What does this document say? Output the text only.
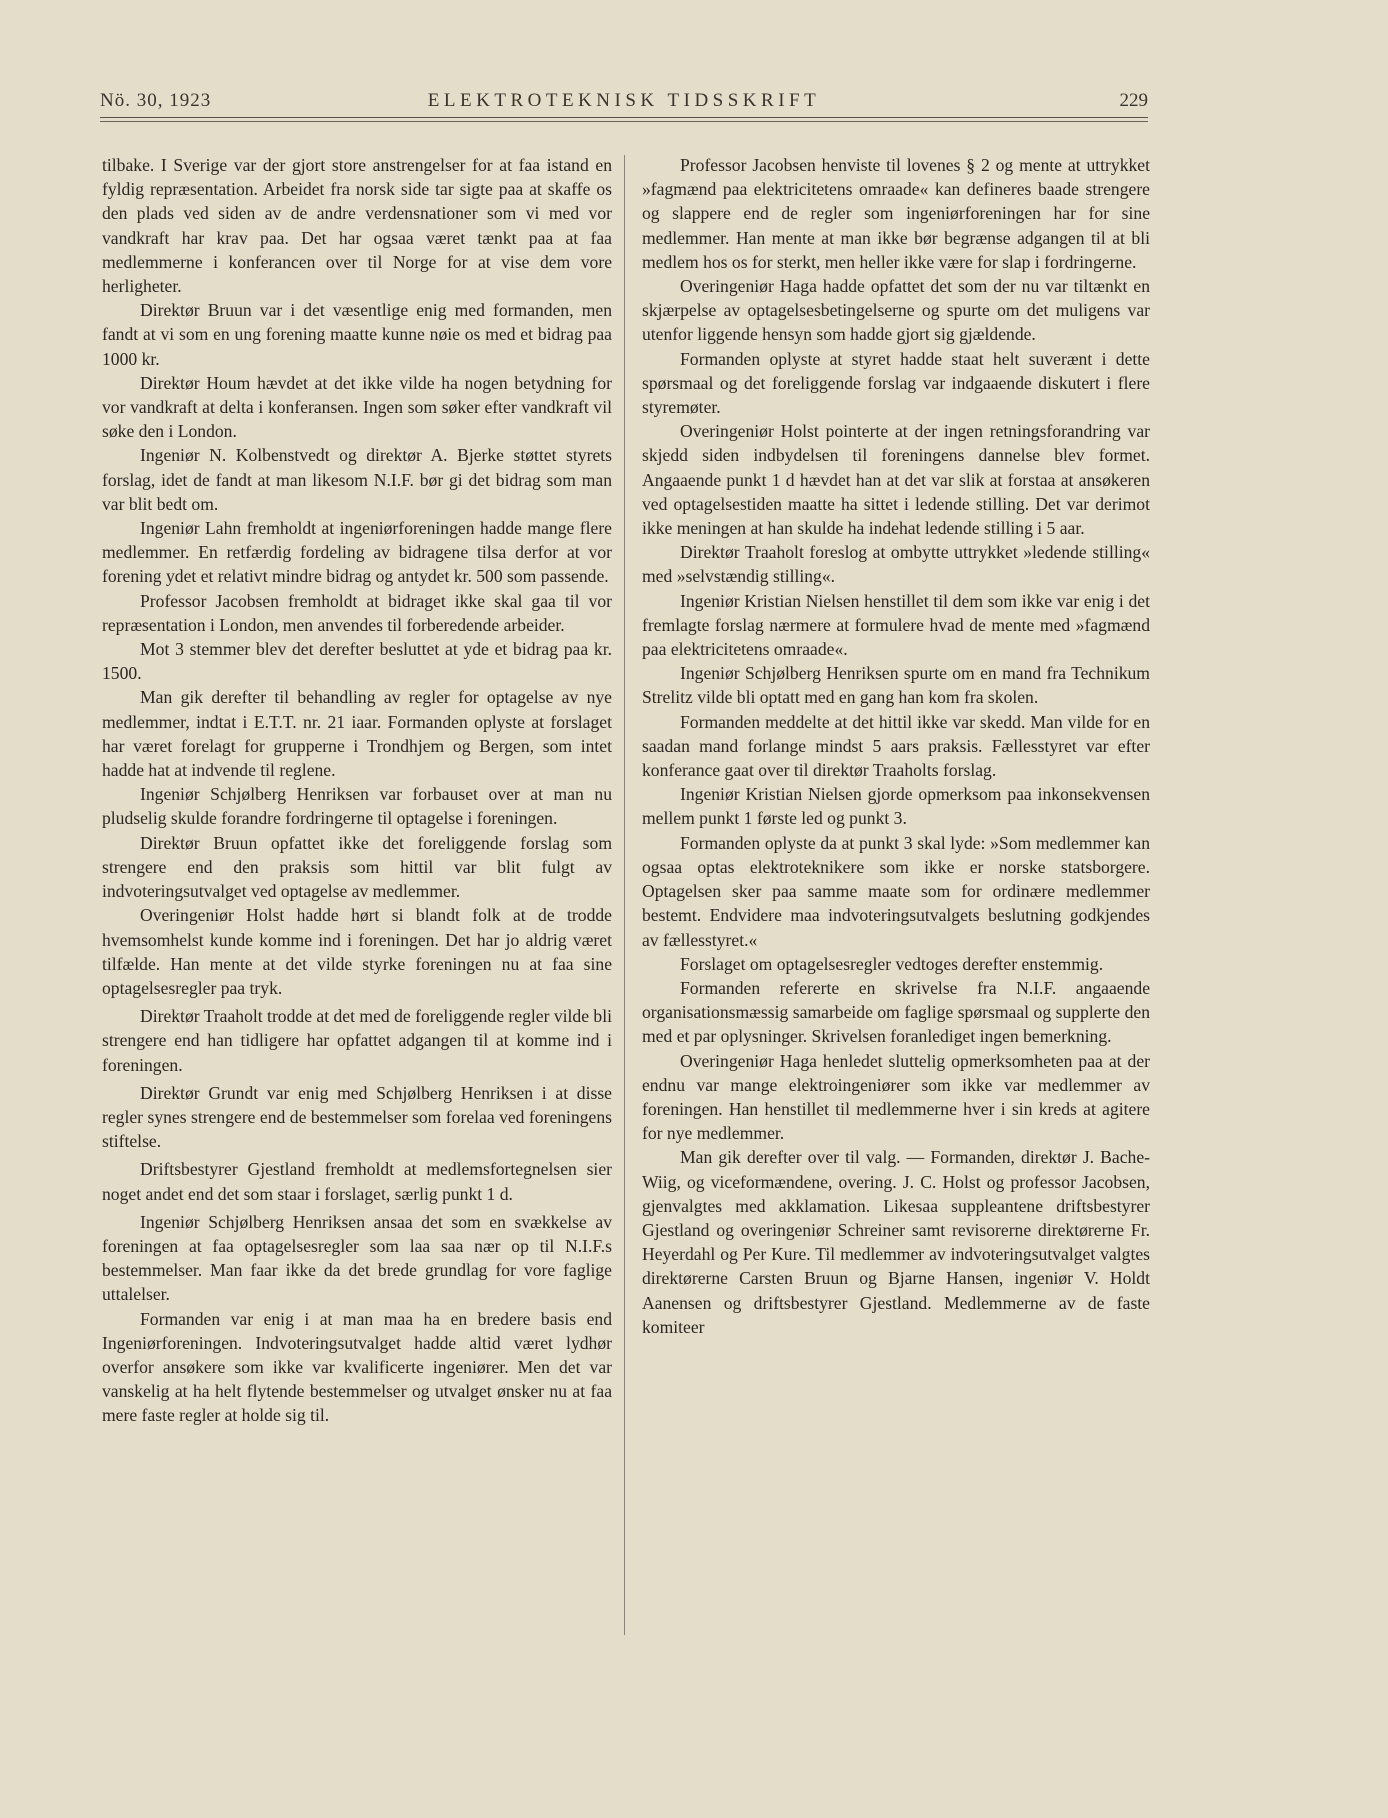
Nö. 30, 1923	ELEKTROTEKNISK TIDSSKRIFT	229

tilbake. I Sverige var der gjort store anstrengelser for at faa istand en fyldig repræsentation. Arbeidet fra norsk side tar sigte paa at skaffe os den plads ved siden av de andre verdensnationer som vi med vor vandkraft har krav paa. Det har ogsaa været tænkt paa at faa medlemmerne i konferancen over til Norge for at vise dem vore herligheter.

Direktør Bruun var i det væsentlige enig med formanden, men fandt at vi som en ung forening maatte kunne nøie os med et bidrag paa 1000 kr.

Direktør Houm hævdet at det ikke vilde ha nogen betydning for vor vandkraft at delta i konferansen. Ingen som søker efter vandkraft vil søke den i London.

Ingeniør N. Kolbenstvedt og direktør A. Bjerke støttet styrets forslag, idet de fandt at man likesom N.I.F. bør gi det bidrag som man var blit bedt om.

Ingeniør Lahn fremholdt at ingeniørforeningen hadde mange flere medlemmer. En retfærdig fordeling av bidragene tilsa derfor at vor forening ydet et relativt mindre bidrag og antydet kr. 500 som passende.

Professor Jacobsen fremholdt at bidraget ikke skal gaa til vor repræsentation i London, men anvendes til forberedende arbeider.

Mot 3 stemmer blev det derefter besluttet at yde et bidrag paa kr. 1500.

Man gik derefter til behandling av regler for optagelse av nye medlemmer, indtat i E.T.T. nr. 21 iaar. Formanden oplyste at forslaget har været forelagt for grupperne i Trondhjem og Bergen, som intet hadde hat at indvende til reglene.

Ingeniør Schjølberg Henriksen var forbauset over at man nu pludselig skulde forandre fordringerne til optagelse i foreningen.

Direktør Bruun opfattet ikke det foreliggende forslag som strengere end den praksis som hittil var blit fulgt av indvoteringsutvalget ved optagelse av medlemmer.

Overingeniør Holst hadde hørt si blandt folk at de trodde hvemsomhelst kunde komme ind i foreningen. Det har jo aldrig været tilfælde. Han mente at det vilde styrke foreningen nu at faa sine optagelsesregler paa tryk.

Direktør Traaholt trodde at det med de foreliggende regler vilde bli strengere end han tidligere har opfattet adgangen til at komme ind i foreningen.

Direktør Grundt var enig med Schjølberg Henriksen i at disse regler synes strengere end de bestemmelser som forelaa ved foreningens stiftelse.

Driftsbestyrer Gjestland fremholdt at medlemsfortegnelsen sier noget andet end det som staar i forslaget, særlig punkt 1 d.

Ingeniør Schjølberg Henriksen ansaa det som en svækkelse av foreningen at faa optagelsesregler som laa saa nær op til N.I.F.s bestemmelser. Man faar ikke da det brede grundlag for vore faglige uttalelser.

Formanden var enig i at man maa ha en bredere basis end Ingeniørforeningen. Indvoteringsutvalget hadde altid været lydhør overfor ansøkere som ikke var kvalificerte ingeniører. Men det var vanskelig at ha helt flytende bestemmelser og utvalget ønsker nu at faa mere faste regler at holde sig til.

Professor Jacobsen henviste til lovenes § 2 og mente at uttrykket »fagmænd paa elektricitetens omraade« kan defineres baade strengere og slappere end de regler som ingeniørforeningen har for sine medlemmer. Han mente at man ikke bør begrænse adgangen til at bli medlem hos os for sterkt, men heller ikke være for slap i fordringerne.

Overingeniør Haga hadde opfattet det som der nu var tiltænkt en skjærpelse av optagelsesbetingelserne og spurte om det muligens var utenfor liggende hensyn som hadde gjort sig gjældende.

Formanden oplyste at styret hadde staat helt suverænt i dette spørsmaal og det foreliggende forslag var indgaaende diskutert i flere styremøter.

Overingeniør Holst pointerte at der ingen retningsforandring var skjedd siden indbydelsen til foreningens dannelse blev formet. Angaaende punkt 1 d hævdet han at det var slik at forstaa at ansøkeren ved optagelsestiden maatte ha sittet i ledende stilling. Det var derimot ikke meningen at han skulde ha indehat ledende stilling i 5 aar.

Direktør Traaholt foreslog at ombytte uttrykket »ledende stilling« med »selvstændig stilling«.

Ingeniør Kristian Nielsen henstillet til dem som ikke var enig i det fremlagte forslag nærmere at formulere hvad de mente med »fagmænd paa elektricitetens omraade«.

Ingeniør Schjølberg Henriksen spurte om en mand fra Technikum Strelitz vilde bli optatt med en gang han kom fra skolen.

Formanden meddelte at det hittil ikke var skedd. Man vilde for en saadan mand forlange mindst 5 aars praksis. Fællesstyret var efter konferance gaat over til direktør Traaholts forslag.

Ingeniør Kristian Nielsen gjorde opmerksom paa inkonsekvensen mellem punkt 1 første led og punkt 3.

Formanden oplyste da at punkt 3 skal lyde: »Som medlemmer kan ogsaa optas elektroteknikere som ikke er norske statsborgere. Optagelsen sker paa samme maate som for ordinære medlemmer bestemt. Endvidere maa indvoteringsutvalgets beslutning godkjendes av fællesstyret.«

Forslaget om optagelsesregler vedtoges derefter enstemmig.

Formanden refererte en skrivelse fra N.I.F. angaaende organisationsmæssig samarbeide om faglige spørsmaal og supplerte den med et par oplysninger. Skrivelsen foranlediget ingen bemerkning.

Overingeniør Haga henledet sluttelig opmerksomheten paa at der endnu var mange elektroingeniører som ikke var medlemmer av foreningen. Han henstillet til medlemmerne hver i sin kreds at agitere for nye medlemmer.

Man gik derefter over til valg. — Formanden, direktør J. Bache-Wiig, og viceformændene, overing. J. C. Holst og professor Jacobsen, gjenvalgtes med akklamation. Likesaa suppleantene driftsbestyrer Gjestland og overingeniør Schreiner samt revisorerne direktørerne Fr. Heyerdahl og Per Kure. Til medlemmer av indvoteringsutvalget valgtes direktørerne Carsten Bruun og Bjarne Hansen, ingeniør V. Holdt Aanensen og driftsbestyrer Gjestland. Medlemmerne av de faste komiteer
